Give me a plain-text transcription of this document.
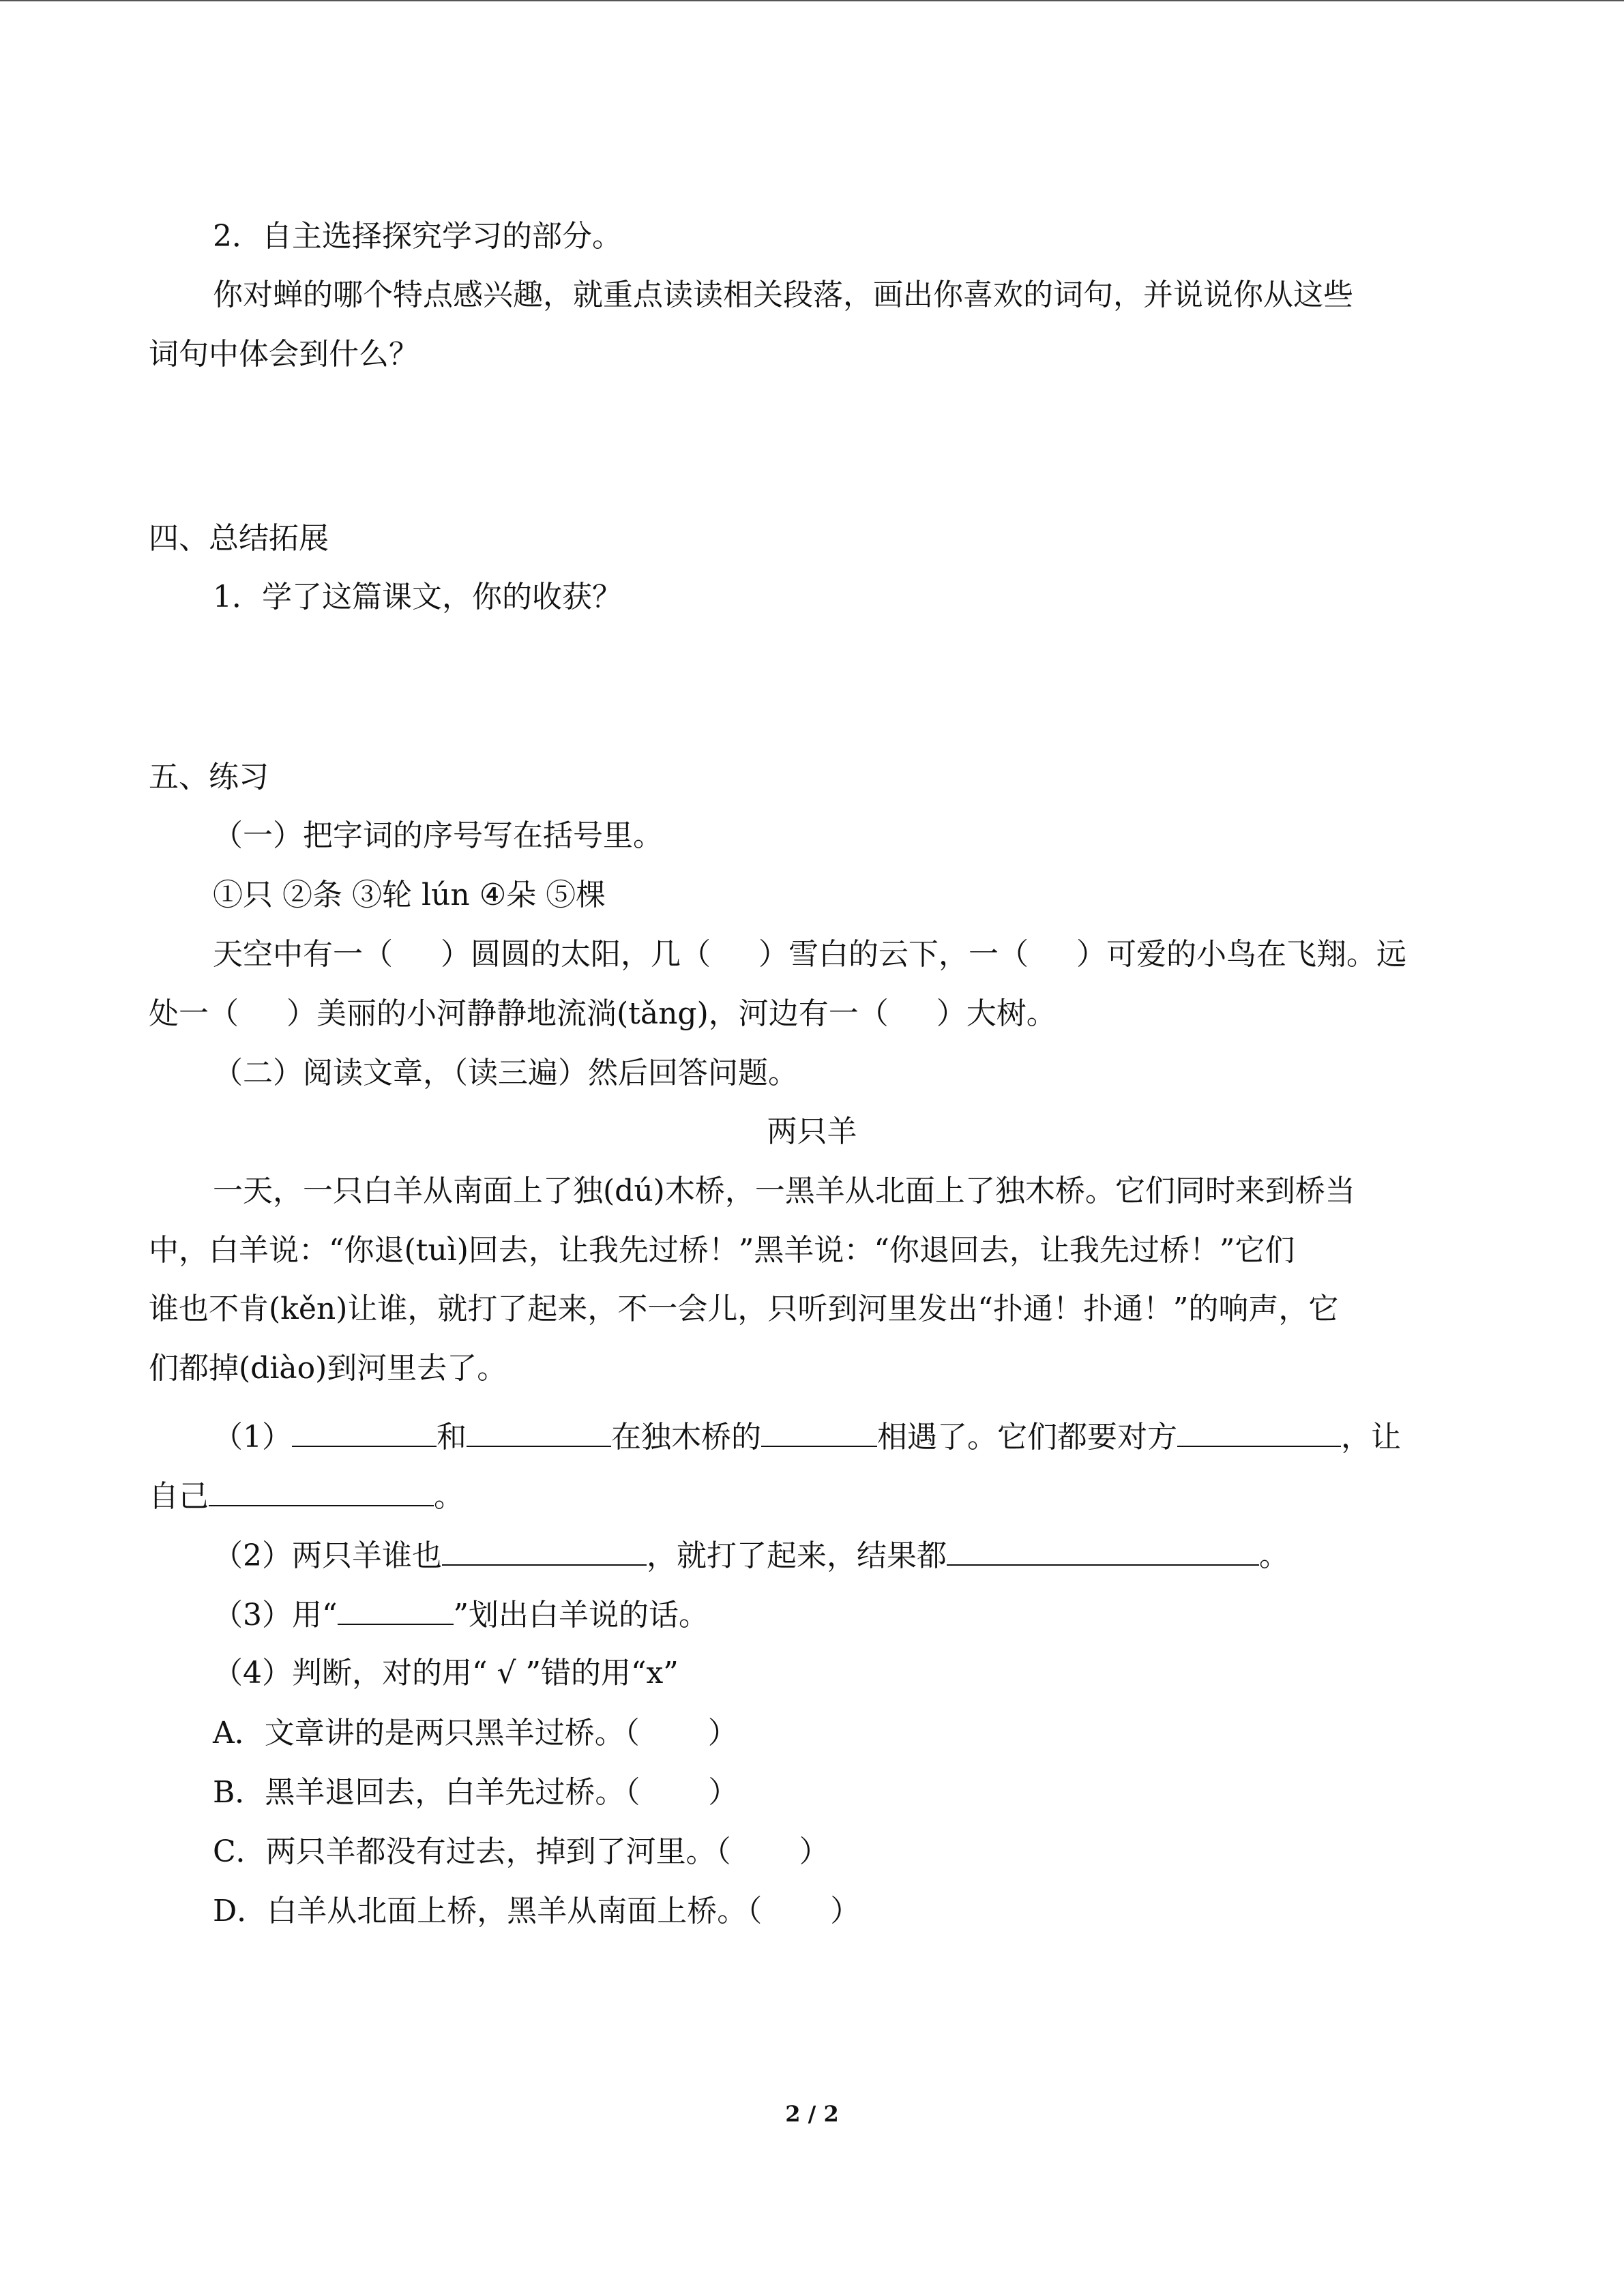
2．自主选择探究学习的部分。
你对蝉的哪个特点感兴趣，就重点读读相关段落，画出你喜欢的词句，并说说你从这些
词句中体会到什么？
四、总结拓展
1．学了这篇课文，你的收获？
五、练习
（一）把字词的序号写在括号里。
①只 ②条 ③轮 lún ④朵 ⑤棵
天空中有一（ ）圆圆的太阳，几（ ）雪白的云下，一（ ）可爱的小鸟在飞翔。远
处一（ ）美丽的小河静静地流淌(tǎng)，河边有一（ ）大树。
（二）阅读文章，（读三遍）然后回答问题。
两只羊
一天，一只白羊从南面上了独(dú)木桥，一黑羊从北面上了独木桥。它们同时来到桥当
中，白羊说：“你退(tuì)回去，让我先过桥！”黑羊说：“你退回去，让我先过桥！”它们
谁也不肯(kěn)让谁，就打了起来，不一会儿，只听到河里发出“扑通！扑通！”的响声，它
们都掉(diào)到河里去了。
（1）	和	在独木桥的	相遇了。它们都要对方	，让
自己	。
（2）两只羊谁也	，就打了起来，结果都	。
（3）用“	”划出白羊说的话。
（4）判断，对的用“ √ ”错的用“x”
A．文章讲的是两只黑羊过桥。（ ）
B．黑羊退回去，白羊先过桥。（ ）
C．两只羊都没有过去，掉到了河里。（ ）
D．白羊从北面上桥，黑羊从南面上桥。（ ）
2 / 2
